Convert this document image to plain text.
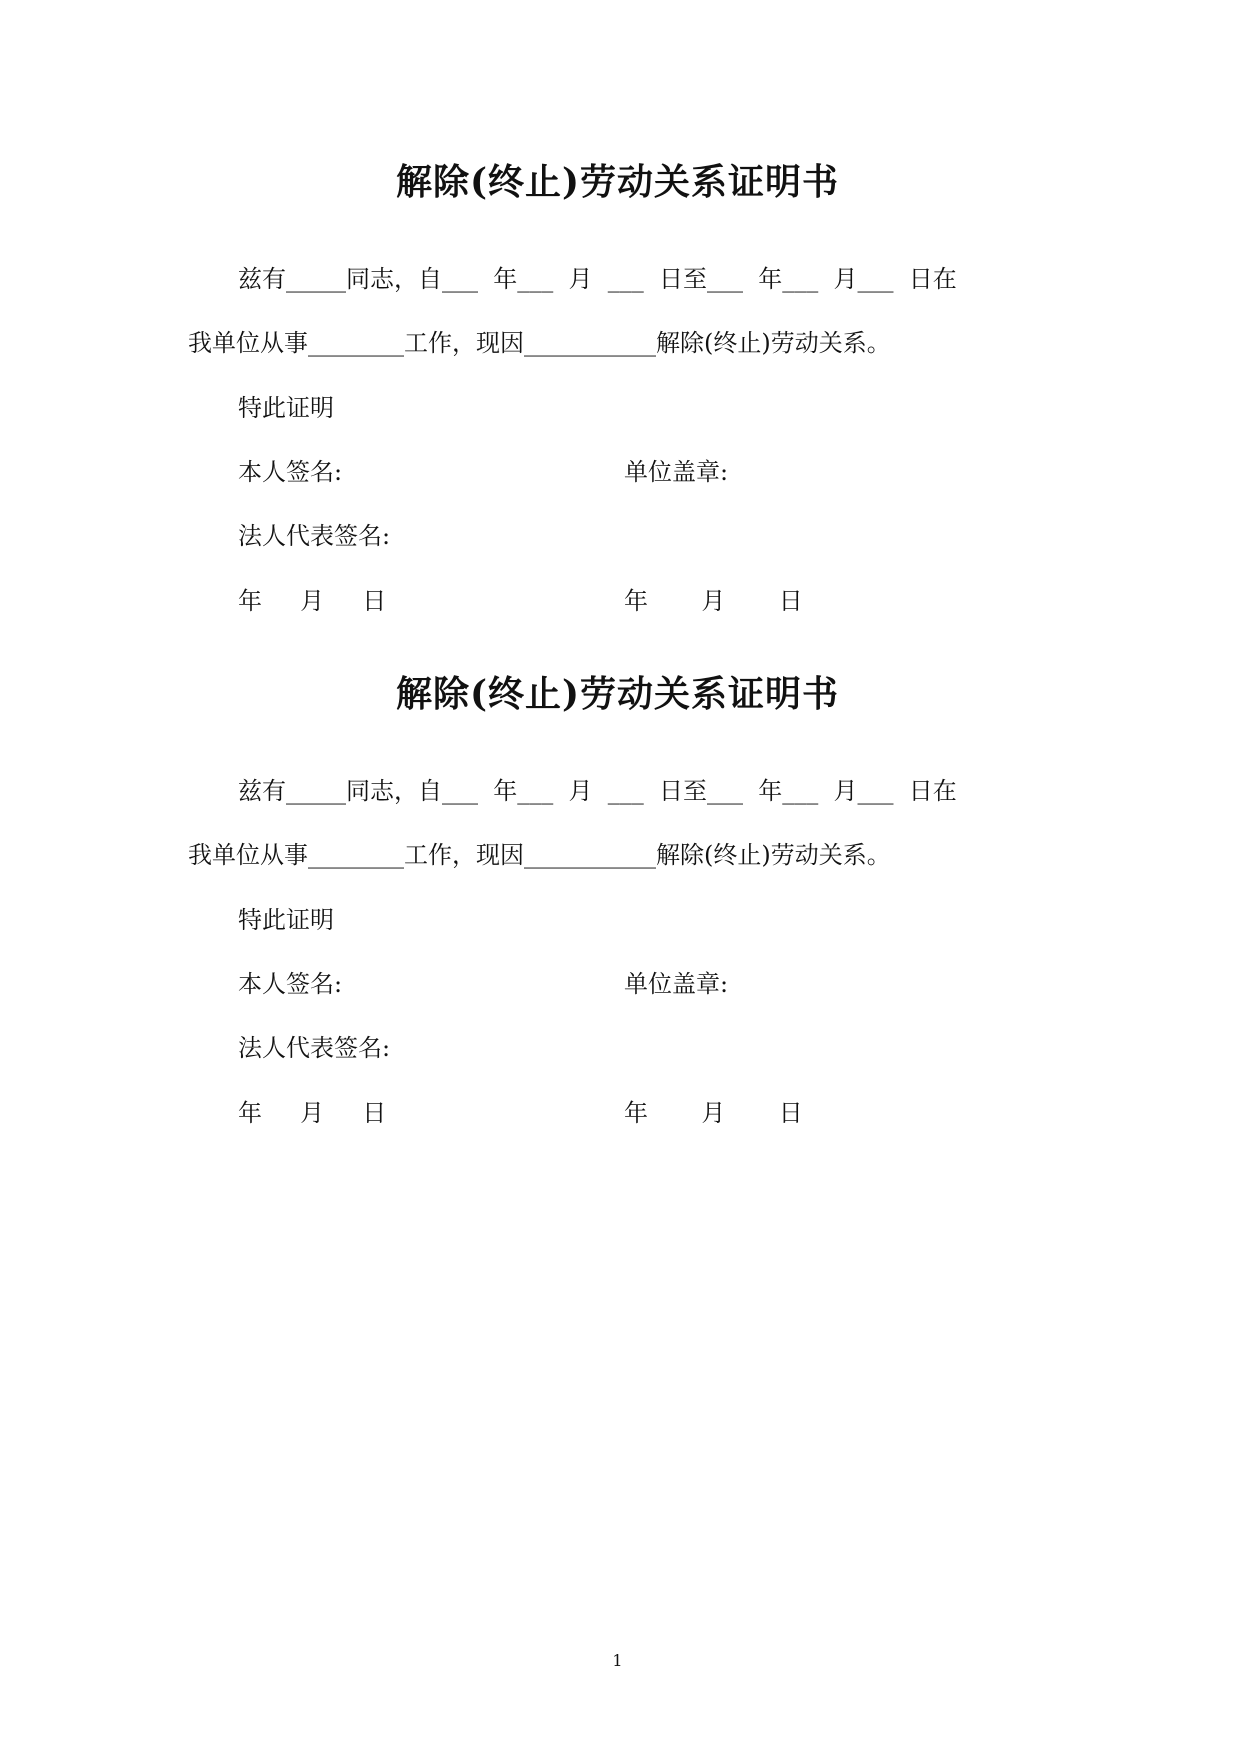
解除(终止)劳动关系证明书
兹有_____同志，自___  年___  月  ___  日至___  年___  月___  日在
我单位从事________工作，现因___________解除(终止)劳动关系。
特此证明
本人签名:	单位盖章:
法人代表签名:
年     月     日	年       月       日
解除(终止)劳动关系证明书
兹有_____同志，自___  年___  月  ___  日至___  年___  月___  日在
我单位从事________工作，现因___________解除(终止)劳动关系。
特此证明
本人签名:	单位盖章:
法人代表签名:
年     月     日	年       月       日
1
